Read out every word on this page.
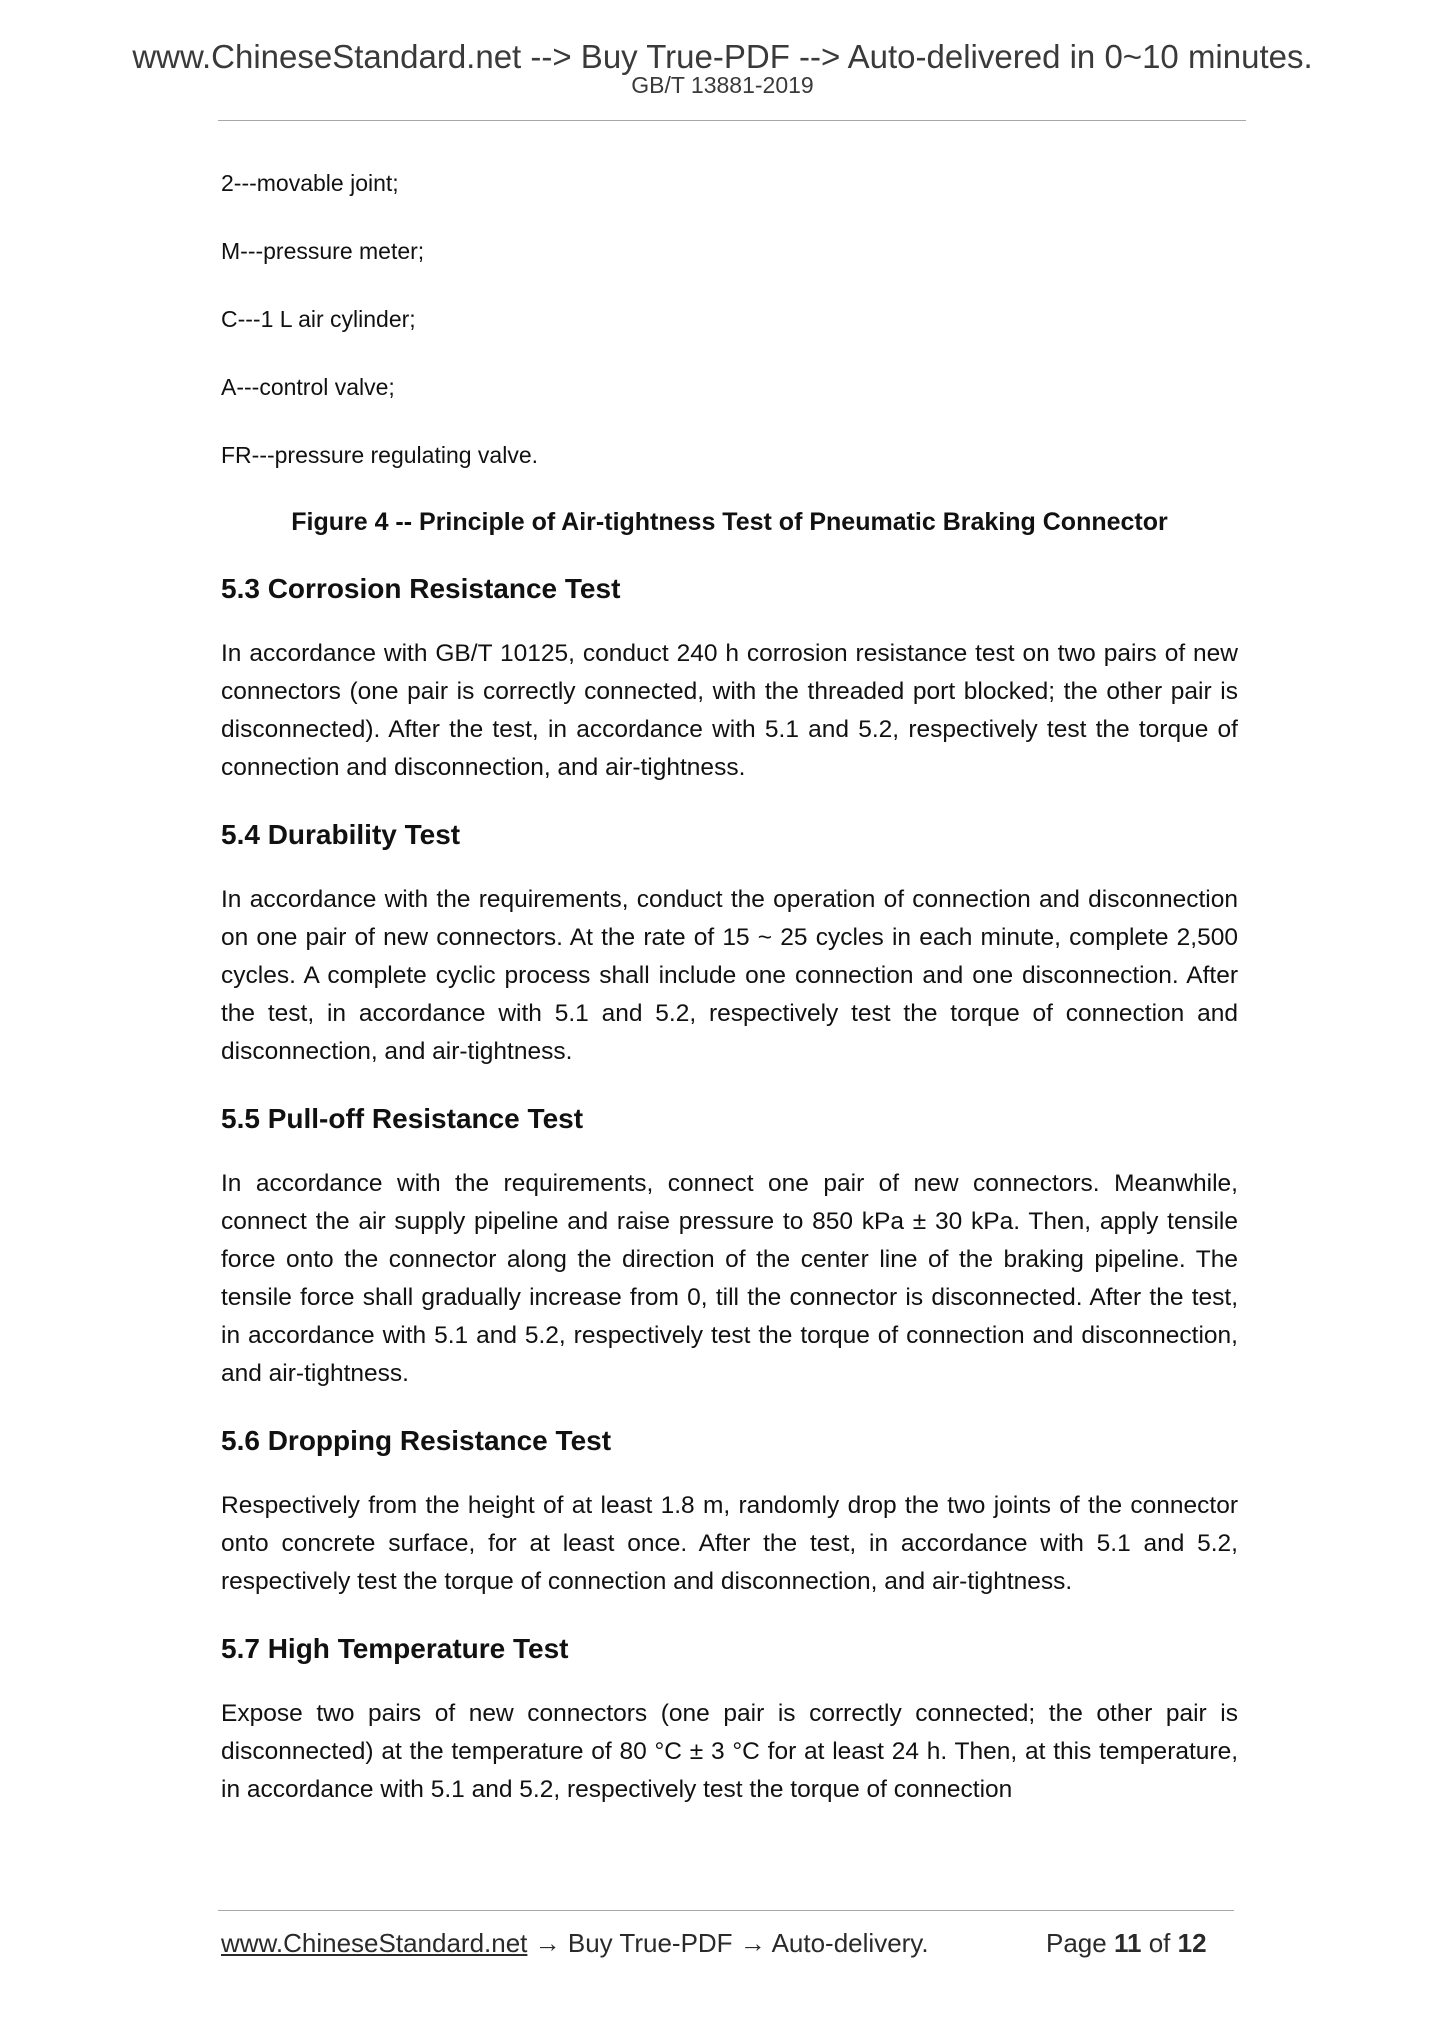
www.ChineseStandard.net --> Buy True-PDF --> Auto-delivered in 0~10 minutes.
GB/T 13881-2019
2---movable joint;
M---pressure meter;
C---1 L air cylinder;
A---control valve;
FR---pressure regulating valve.
Figure 4 -- Principle of Air-tightness Test of Pneumatic Braking Connector
5.3 Corrosion Resistance Test
In accordance with GB/T 10125, conduct 240 h corrosion resistance test on two pairs of new connectors (one pair is correctly connected, with the threaded port blocked; the other pair is disconnected). After the test, in accordance with 5.1 and 5.2, respectively test the torque of connection and disconnection, and air-tightness.
5.4 Durability Test
In accordance with the requirements, conduct the operation of connection and disconnection on one pair of new connectors. At the rate of 15 ~ 25 cycles in each minute, complete 2,500 cycles. A complete cyclic process shall include one connection and one disconnection. After the test, in accordance with 5.1 and 5.2, respectively test the torque of connection and disconnection, and air-tightness.
5.5 Pull-off Resistance Test
In accordance with the requirements, connect one pair of new connectors. Meanwhile, connect the air supply pipeline and raise pressure to 850 kPa ± 30 kPa. Then, apply tensile force onto the connector along the direction of the center line of the braking pipeline. The tensile force shall gradually increase from 0, till the connector is disconnected. After the test, in accordance with 5.1 and 5.2, respectively test the torque of connection and disconnection, and air-tightness.
5.6 Dropping Resistance Test
Respectively from the height of at least 1.8 m, randomly drop the two joints of the connector onto concrete surface, for at least once. After the test, in accordance with 5.1 and 5.2, respectively test the torque of connection and disconnection, and air-tightness.
5.7 High Temperature Test
Expose two pairs of new connectors (one pair is correctly connected; the other pair is disconnected) at the temperature of 80 °C ± 3 °C for at least 24 h. Then, at this temperature, in accordance with 5.1 and 5.2, respectively test the torque of connection
www.ChineseStandard.net → Buy True-PDF → Auto-delivery.	Page 11 of 12
